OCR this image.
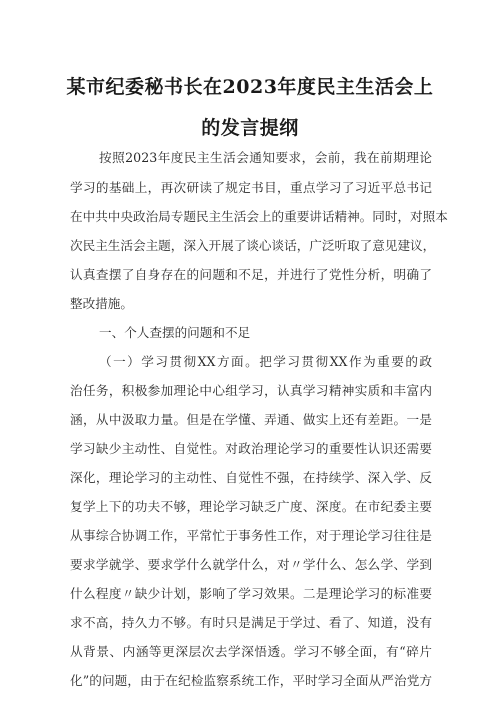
某市纪委秘书长在2023年度民主生活会上
的发言提纲
按照2023年度民主生活会通知要求，会前，我在前期理论
学习的基础上，再次研读了规定书目，重点学习了习近平总书记
在中共中央政治局专题民主生活会上的重要讲话精神。同时，对照本
次民主生活会主题，深入开展了谈心谈话，广泛听取了意见建议，
认真查摆了自身存在的问题和不足，并进行了党性分析，明确了
整改措施。
一、个人查摆的问题和不足
（一）学习贯彻XX方面。把学习贯彻XX作为重要的政
治任务，积极参加理论中心组学习，认真学习精神实质和丰富内
涵，从中汲取力量。但是在学懂、弄通、做实上还有差距。一是
学习缺少主动性、自觉性。对政治理论学习的重要性认识还需要
深化，理论学习的主动性、自觉性不强，在持续学、深入学、反
复学上下的功夫不够，理论学习缺乏广度、深度。在市纪委主要
从事综合协调工作，平常忙于事务性工作，对于理论学习往往是
要求学就学、要求学什么就学什么，对〃学什么、怎么学、学到
什么程度〃缺少计划，影响了学习效果。二是理论学习的标准要
求不高，持久力不够。有时只是满足于学过、看了、知道，没有
从背景、内涵等更深层次去学深悟透。学习不够全面，有“碎片
化”的问题，由于在纪检监察系统工作，平时学习全面从严治党方
